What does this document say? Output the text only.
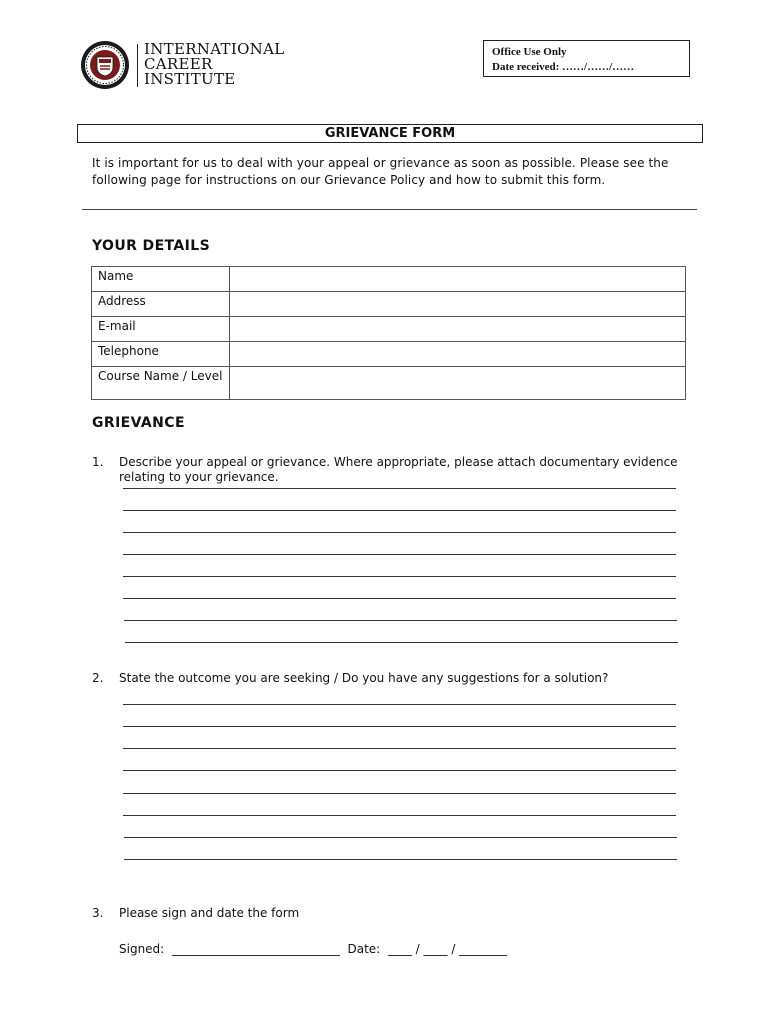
INTERNATIONAL
CAREER
INSTITUTE
Office Use Only
Date received: ……/……/……
GRIEVANCE FORM
It is important for us to deal with your appeal or grievance as soon as possible. Please see the following page for instructions on our Grievance Policy and how to submit this form.
YOUR DETAILS
Name	
Address	
E-mail	
Telephone	
Course Name / Level	
GRIEVANCE
1. Describe your appeal or grievance. Where appropriate, please attach documentary evidence relating to your grievance.
2. State the outcome you are seeking / Do you have any suggestions for a solution?
3. Please sign and date the form
Signed:  ____________________________  Date:  ____ / ____ / ________
